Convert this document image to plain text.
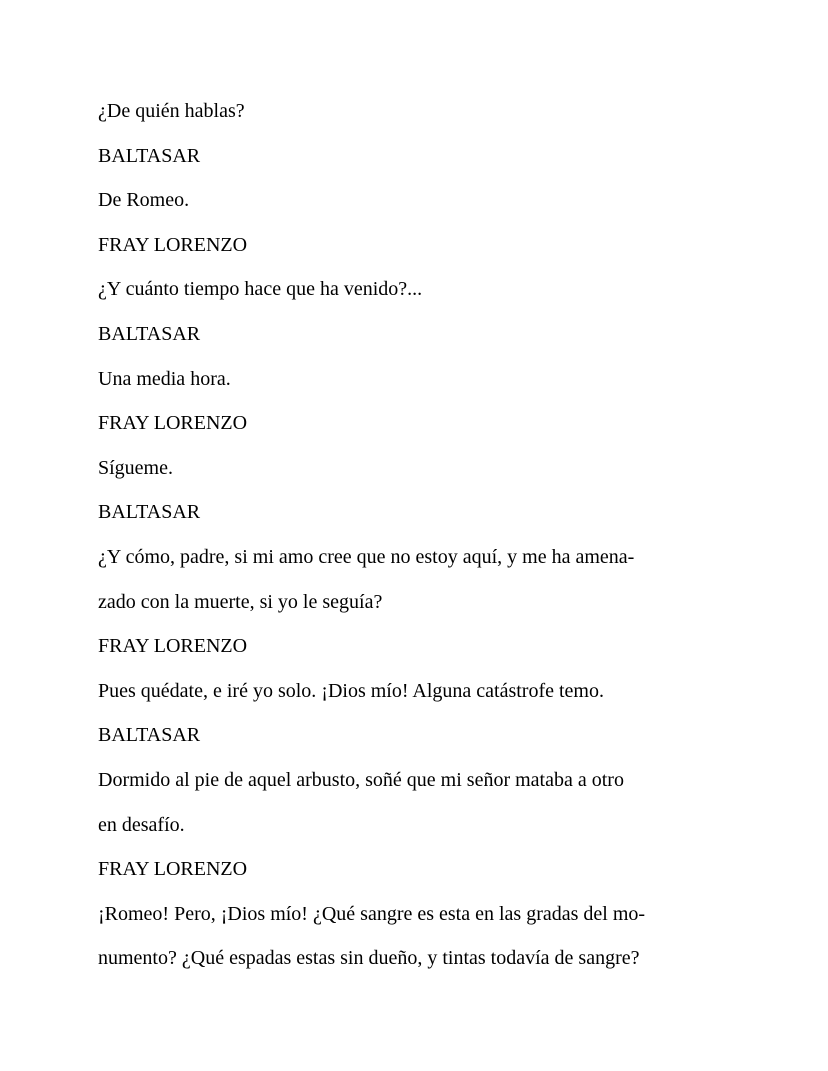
¿De quién hablas?
BALTASAR
De Romeo.
FRAY LORENZO
¿Y cuánto tiempo hace que ha venido?...
BALTASAR
Una media hora.
FRAY LORENZO
Sígueme.
BALTASAR
¿Y cómo, padre, si mi amo cree que no estoy aquí, y me ha amena-
zado con la muerte, si yo le seguía?
FRAY LORENZO
Pues quédate, e iré yo solo. ¡Dios mío! Alguna catástrofe temo.
BALTASAR
Dormido al pie de aquel arbusto, soñé que mi señor mataba a otro
en desafío.
FRAY LORENZO
¡Romeo! Pero, ¡Dios mío! ¿Qué sangre es esta en las gradas del mo-
numento? ¿Qué espadas estas sin dueño, y tintas todavía de sangre?
